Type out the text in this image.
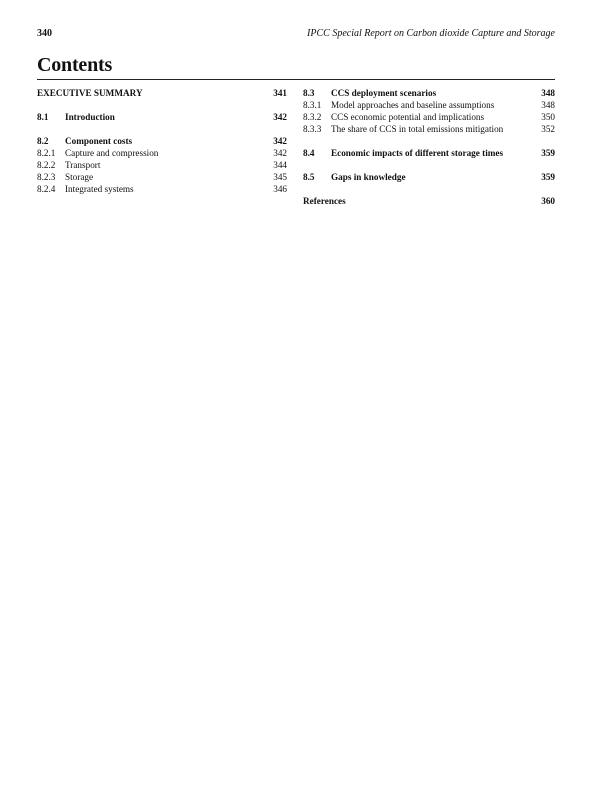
340	IPCC Special Report on Carbon dioxide Capture and Storage
Contents
EXECUTIVE SUMMARY	341
8.1 Introduction	342
8.2 Component costs	342
8.2.1 Capture and compression	342
8.2.2 Transport	344
8.2.3 Storage	345
8.2.4 Integrated systems	346
8.3 CCS deployment scenarios	348
8.3.1 Model approaches and baseline assumptions	348
8.3.2 CCS economic potential and implications	350
8.3.3 The share of CCS in total emissions mitigation	352
8.4 Economic impacts of different storage times	359
8.5 Gaps in knowledge	359
References	360
